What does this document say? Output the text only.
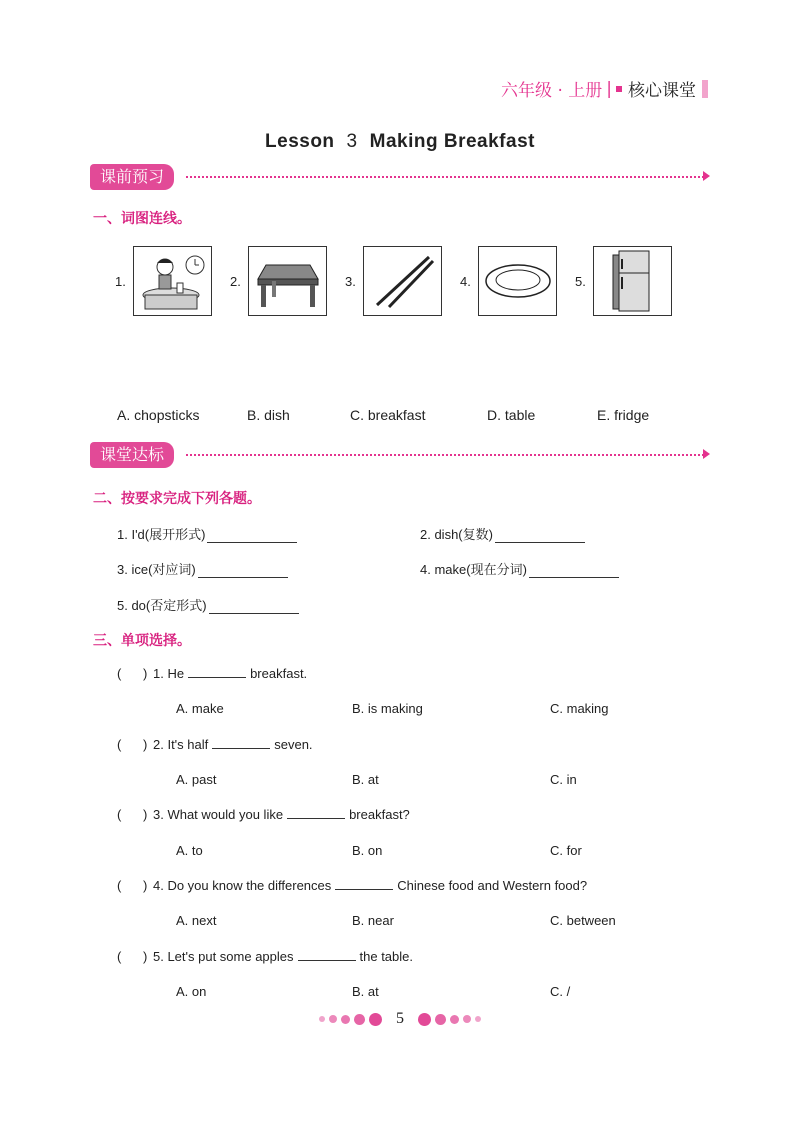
六年级 · 上册 | 核心课堂
Lesson 3 Making Breakfast
课前预习
一、词图连线。
1.	2.	3.	4.	5.
A. chopsticks	B. dish	C. breakfast	D. table	E. fridge
课堂达标
二、按要求完成下列各题。
1. I'd(展开形式)	2. dish(复数)
3. ice(对应词)	4. make(现在分词)
5. do(否定形式)
三、单项选择。
( ) 1. He	breakfast.
A. make	B. is making	C. making
( ) 2. It's half	seven.
A. past	B. at	C. in
( ) 3. What would you like	breakfast?
A. to	B. on	C. for
( ) 4. Do you know the differences	Chinese food and Western food?
A. next	B. near	C. between
( ) 5. Let's put some apples	the table.
A. on	B. at	C. /
5
